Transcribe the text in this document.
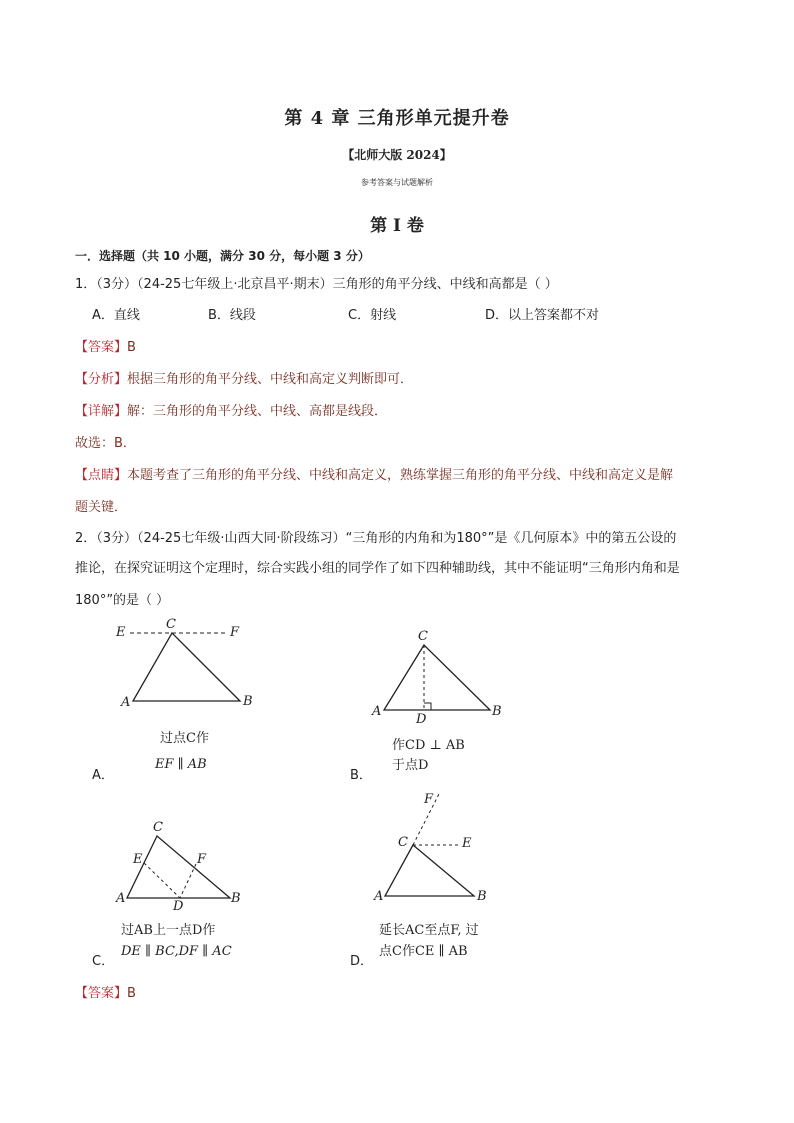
第 4 章 三角形单元提升卷
【北师大版 2024】
参考答案与试题解析
第 I 卷
一．选择题（共 10 小题，满分 30 分，每小题 3 分）
1．（3分）（24-25七年级上·北京昌平·期末）三角形的角平分线、中线和高都是（ ）
A．直线	B．线段	C．射线	D．以上答案都不对
【答案】B
【分析】根据三角形的角平分线、中线和高定义判断即可．
【详解】解：三角形的角平分线、中线、高都是线段．
故选：B．
【点睛】本题考查了三角形的角平分线、中线和高定义，熟练掌握三角形的角平分线、中线和高定义是解
题关键．
2．（3分）（24-25七年级·山西大同·阶段练习）“三角形的内角和为180°”是《几何原本》中的第五公设的
推论，在探究证明这个定理时，综合实践小组的同学作了如下四种辅助线，其中不能证明“三角形内角和是
180°”的是（ ）
E
C
F
A	B
过点C作
EF ∥ AB
A．
C
A
D
B
作CD ⊥ AB
于点D
B．
C
E	F
A
D
B
过AB上一点D作
DE ∥ BC,DF ∥ AC
C．
F
C	E
A	B
延长AC至点F, 过
点C作CE ∥ AB
D．
【答案】B
